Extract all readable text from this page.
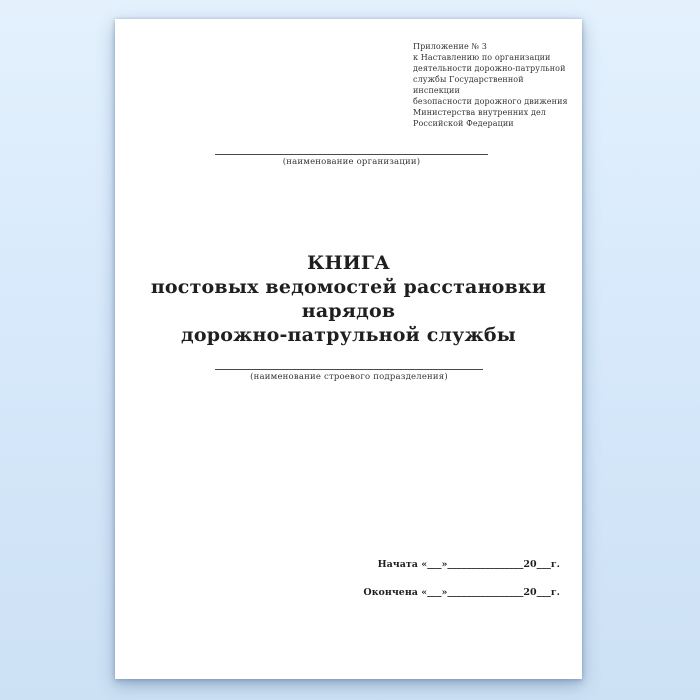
Приложение № 3
к Наставлению по организации
деятельности дорожно-патрульной
службы Государственной инспекции
безопасности дорожного движения
Министерства внутренних дел
Российской Федерации
(наименование организации)
КНИГА
постовых ведомостей расстановки нарядов
дорожно-патрульной службы
(наименование строевого подразделения)
Начата «___»________________20___г.
Окончена «___»________________20___г.
